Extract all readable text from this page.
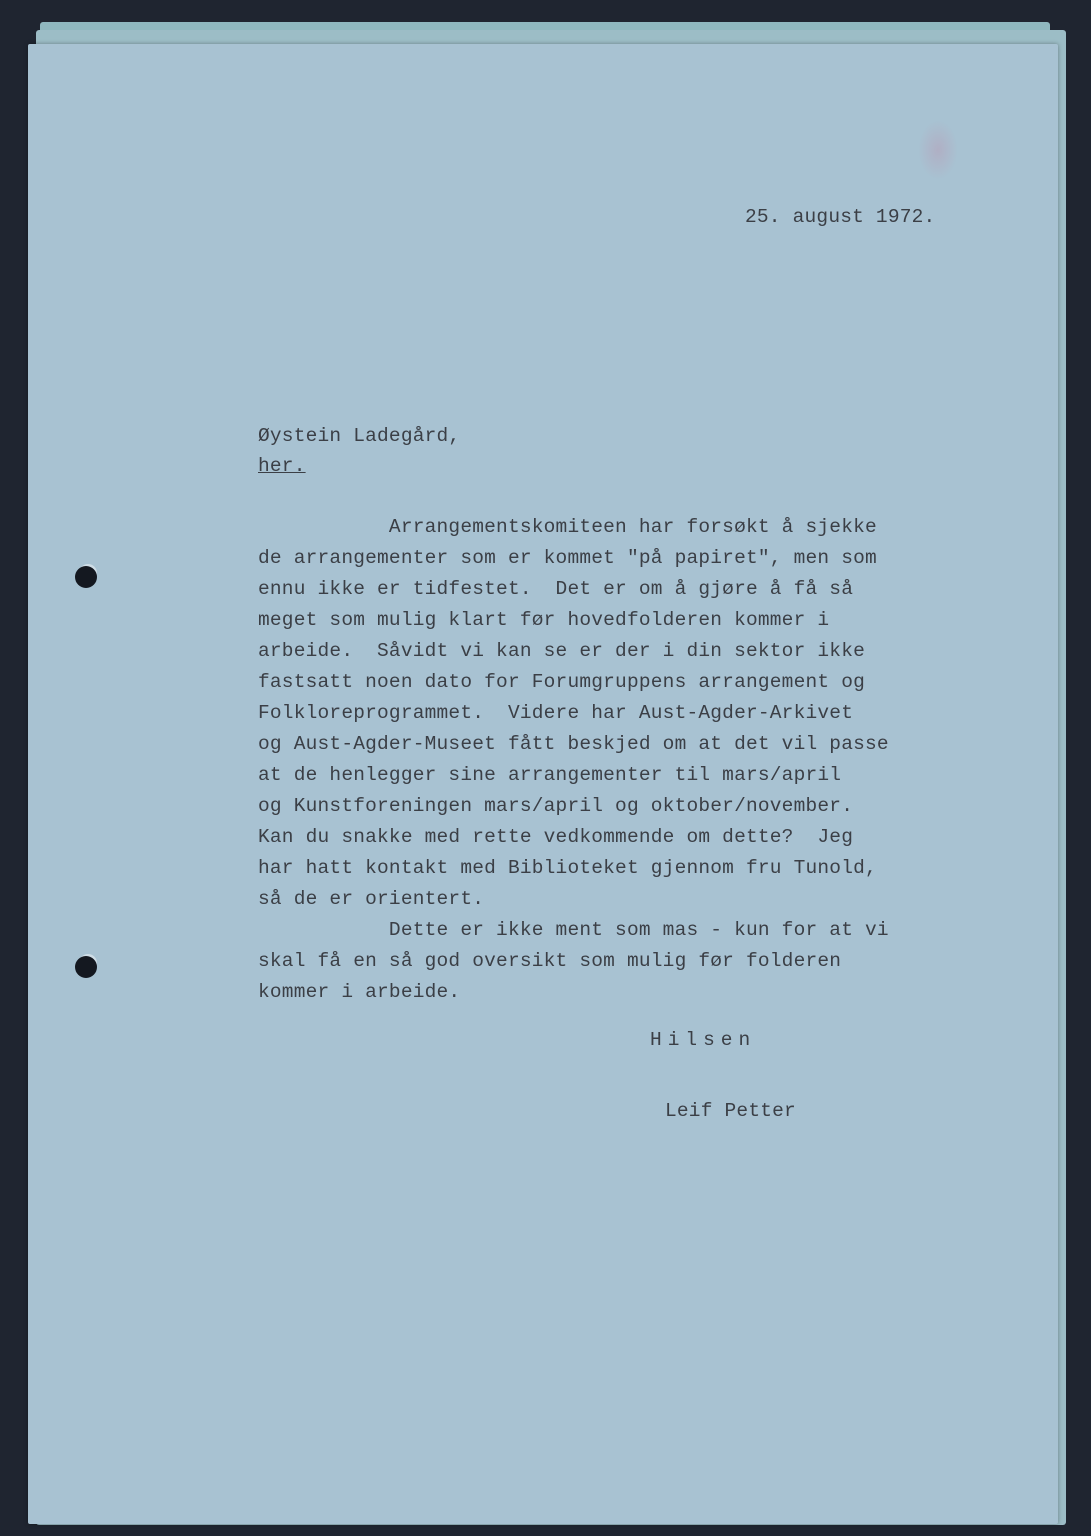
25. august 1972.
Øystein Ladegård,
her.
Arrangementskomiteen har forsøkt å sjekke
de arrangementer som er kommet "på papiret", men som
ennu ikke er tidfestet.  Det er om å gjøre å få så
meget som mulig klart før hovedfolderen kommer i
arbeide.  Såvidt vi kan se er der i din sektor ikke
fastsatt noen dato for Forumgruppens arrangement og
Folkloreprogrammet.  Videre har Aust-Agder-Arkivet
og Aust-Agder-Museet fått beskjed om at det vil passe
at de henlegger sine arrangementer til mars/april
og Kunstforeningen mars/april og oktober/november.
Kan du snakke med rette vedkommende om dette?  Jeg
har hatt kontakt med Biblioteket gjennom fru Tunold,
så de er orientert.
Dette er ikke ment som mas - kun for at vi
skal få en så god oversikt som mulig før folderen
kommer i arbeide.
Hilsen
Leif Petter
